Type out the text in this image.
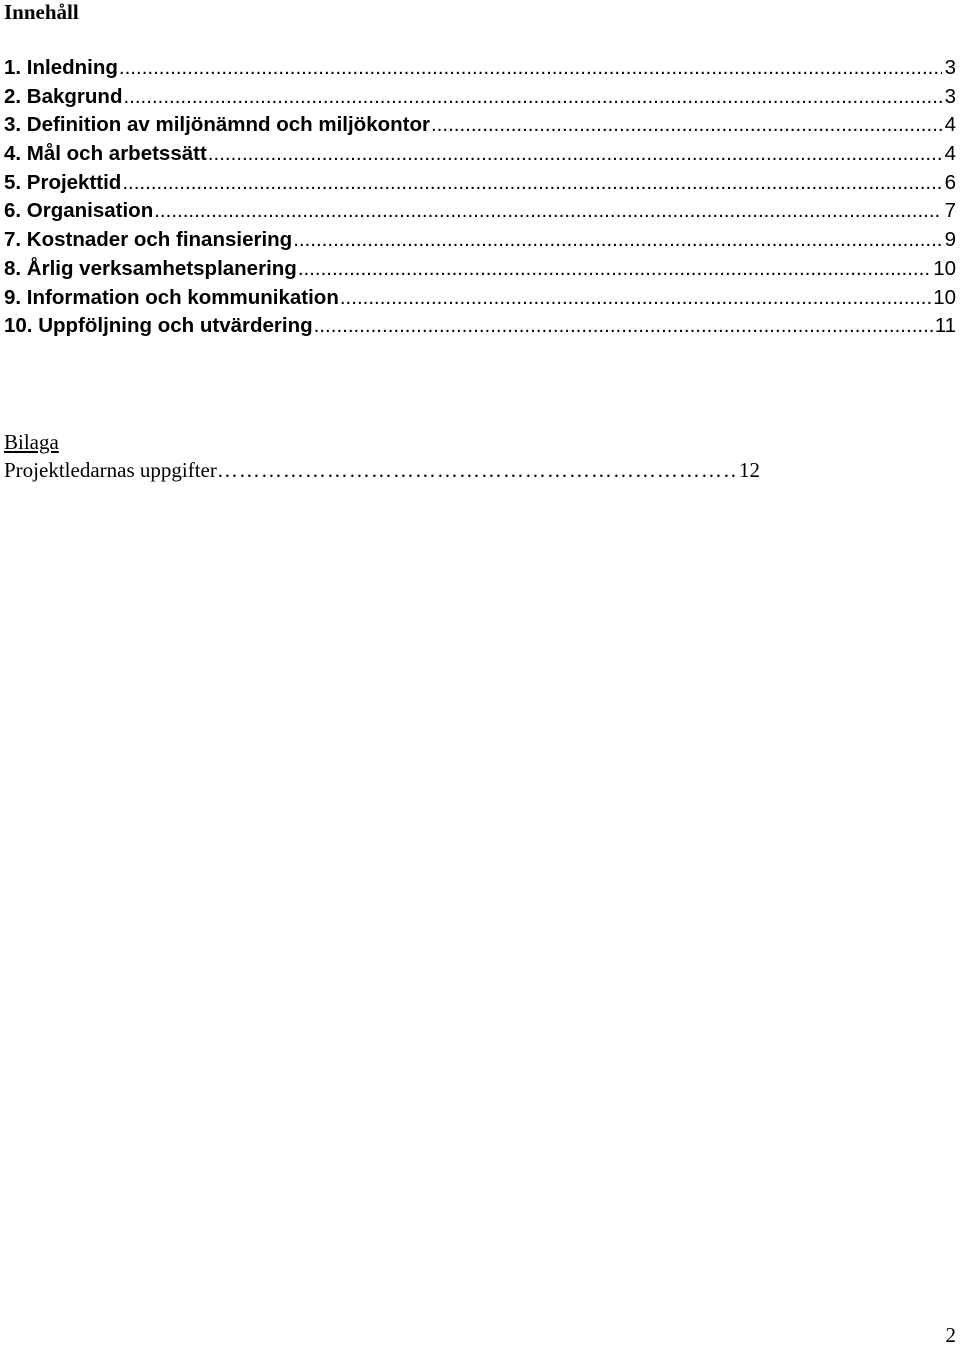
Innehåll
1. Inledning .....	3
2. Bakgrund .....	3
3. Definition av miljönämnd och miljökontor .....	4
4. Mål och arbetssätt .....	4
5. Projekttid .....	6
6. Organisation .....	7
7. Kostnader och finansiering .....	9
8. Årlig verksamhetsplanering .....	10
9. Information och kommunikation .....	10
10. Uppföljning och utvärdering .....	11
Bilaga
Projektledarnas uppgifter …………………………………………………………………………………………………………………………	12
2
